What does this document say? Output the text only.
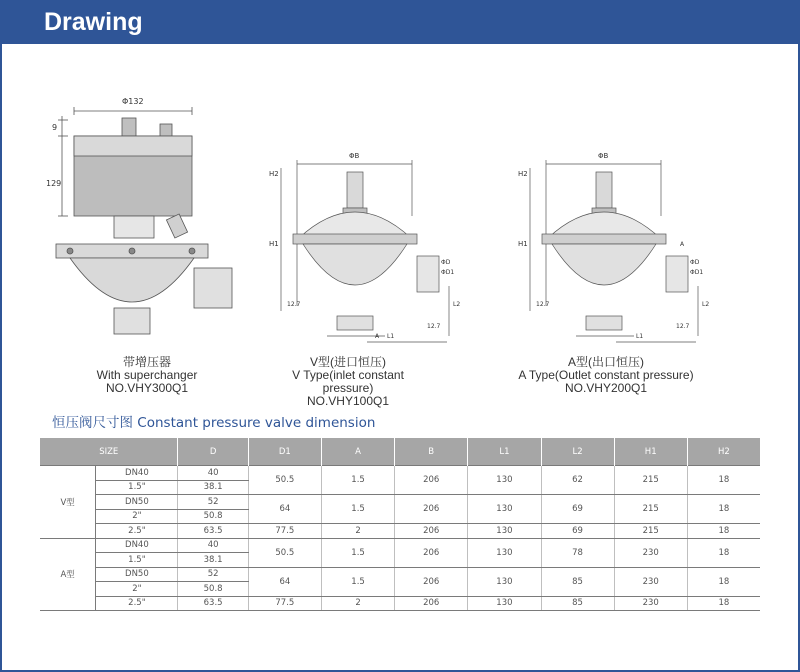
Drawing
Φ132
9
129
带增压器
With superchanger
NO.VHY300Q1
ΦB
H2
H1
A
ΦD
ΦD1
L2
L1
12.7
12.7
V型(进口恒压)
V Type(inlet constant pressure)
NO.VHY100Q1
ΦB
H2
H1	A
ΦD
ΦD1
L2
L1
12.7
12.7
A型(出口恒压)
A Type(Outlet constant pressure)
NO.VHY200Q1
恒压阀尺寸图 Constant pressure valve dimension
SIZE		D	D1	A	B	L1	L2	H1	H2
V型	DN40	40	50.5	1.5	206	130	62	215	18
	1.5"	38.1							
	DN50	52	64	1.5	206	130	69	215	18
	2"	50.8							
	2.5"	63.5	77.5	2	206	130	69	215	18
A型	DN40	40	50.5	1.5	206	130	78	230	18
	1.5"	38.1							
	DN50	52	64	1.5	206	130	85	230	18
	2"	50.8							
	2.5"	63.5	77.5	2	206	130	85	230	18
